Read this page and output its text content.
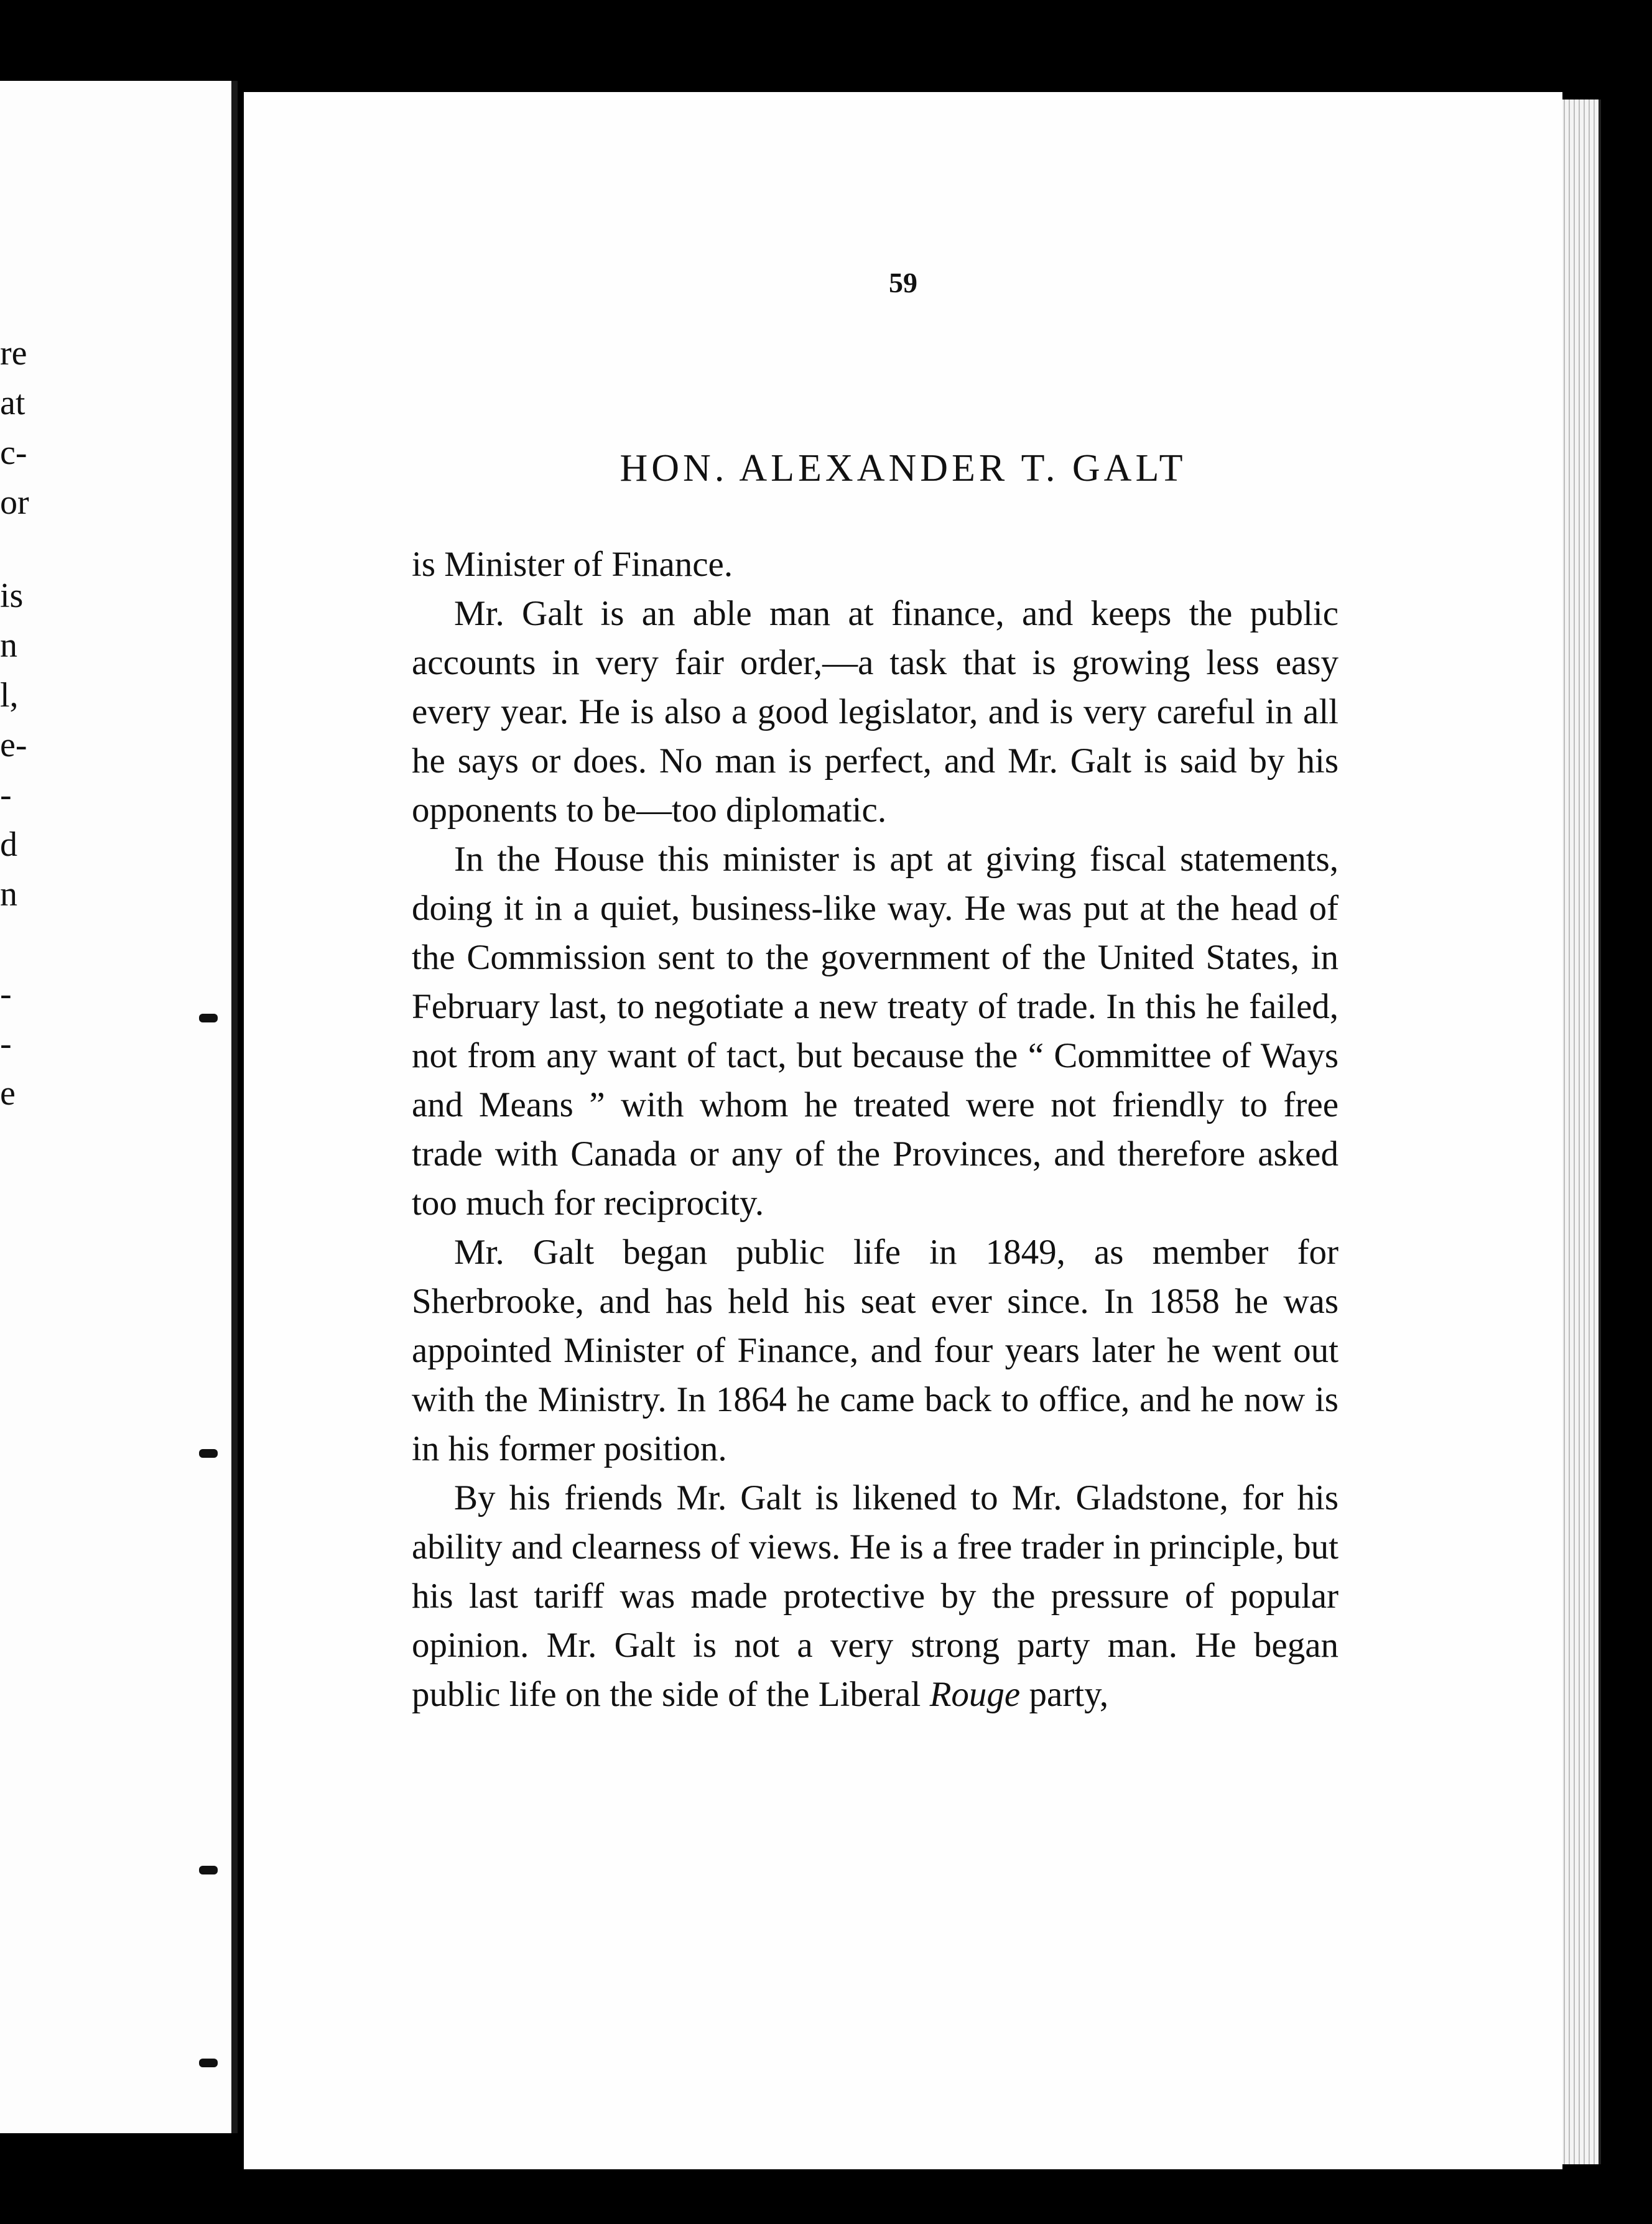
re
at
c-
or
is
n
l,
e-
-
d
n
-
-
e
59
HON. ALEXANDER T. GALT

is Minister of Finance.

Mr. Galt is an able man at finance, and keeps the public accounts in very fair order,—a task that is growing less easy every year. He is also a good legislator, and is very careful in all he says or does. No man is perfect, and Mr. Galt is said by his opponents to be—too diplomatic.

In the House this minister is apt at giving fiscal statements, doing it in a quiet, business-like way. He was put at the head of the Commission sent to the government of the United States, in February last, to negotiate a new treaty of trade. In this he failed, not from any want of tact, but because the “ Committee of Ways and Means ” with whom he treated were not friendly to free trade with Canada or any of the Provinces, and therefore asked too much for reciprocity.

Mr. Galt began public life in 1849, as member for Sherbrooke, and has held his seat ever since. In 1858 he was appointed Minister of Finance, and four years later he went out with the Ministry. In 1864 he came back to office, and he now is in his former position.

By his friends Mr. Galt is likened to Mr. Gladstone, for his ability and clearness of views. He is a free trader in principle, but his last tariff was made protective by the pressure of popular opinion. Mr. Galt is not a very strong party man. He began public life on the side of the Liberal Rouge party,
